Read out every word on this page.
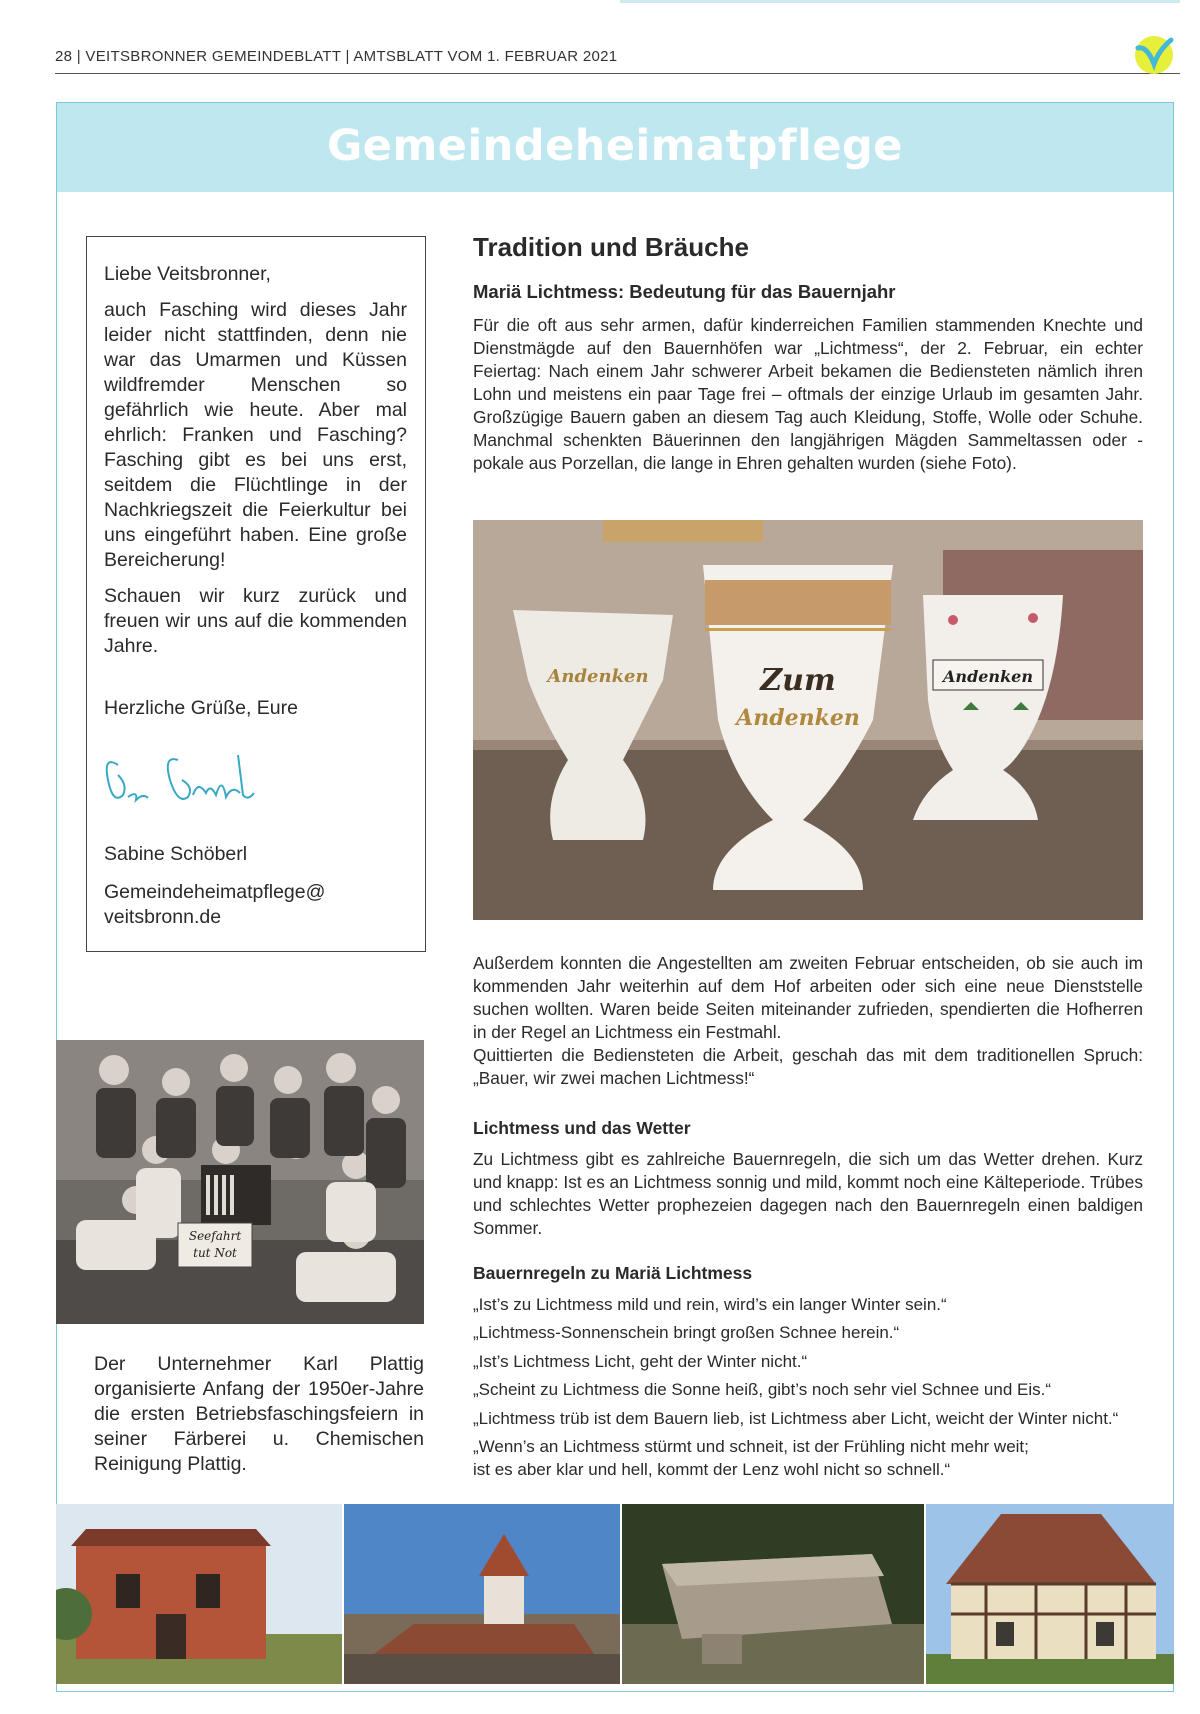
28 | VEITSBRONNER GEMEINDEBLATT | AMTSBLATT VOM 1. FEBRUAR 2021
Gemeindeheimatpflege
Liebe Veitsbronner,
auch Fasching wird dieses Jahr leider nicht stattfinden, denn nie war das Umarmen und Küssen wildfremder Menschen so gefährlich wie heute. Aber mal ehrlich: Franken und Fasching? Fasching gibt es bei uns erst, seitdem die Flüchtlinge in der Nachkriegszeit die Feierkultur bei uns eingeführt haben. Eine große Bereicherung!
Schauen wir kurz zurück und freuen wir uns auf die kommenden Jahre.
Herzliche Grüße, Eure
Sabine Schöberl
Gemeindeheimatpflege@
veitsbronn.de
Seefahrt
tut Not
Der Unternehmer Karl Plattig organisierte Anfang der 1950er-Jahre die ersten Betriebsfaschingsfeiern in seiner Färberei u. Chemischen Reinigung Plattig.
Tradition und Bräuche
Mariä Lichtmess: Bedeutung für das Bauernjahr
Für die oft aus sehr armen, dafür kinderreichen Familien stammenden Knechte und Dienstmägde auf den Bauernhöfen war „Lichtmess“, der 2. Februar, ein echter Feiertag: Nach einem Jahr schwerer Arbeit bekamen die Bediensteten nämlich ihren Lohn und meistens ein paar Tage frei – oftmals der einzige Urlaub im gesamten Jahr. Großzügige Bauern gaben an diesem Tag auch Kleidung, Stoffe, Wolle oder Schuhe. Manchmal schenkten Bäuerinnen den langjährigen Mägden Sammeltassen oder -pokale aus Porzellan, die lange in Ehren gehalten wurden (siehe Foto).
Andenken	Zum
Andenken
Andenken
Außerdem konnten die Angestellten am zweiten Februar entscheiden, ob sie auch im kommenden Jahr weiterhin auf dem Hof arbeiten oder sich eine neue Dienststelle suchen wollten. Waren beide Seiten miteinander zufrieden, spendierten die Hofherren in der Regel an Lichtmess ein Festmahl.
Quittierten die Bediensteten die Arbeit, geschah das mit dem traditionellen Spruch: „Bauer, wir zwei machen Lichtmess!“
Lichtmess und das Wetter
Zu Lichtmess gibt es zahlreiche Bauernregeln, die sich um das Wetter drehen. Kurz und knapp: Ist es an Lichtmess sonnig und mild, kommt noch eine Kälteperiode. Trübes und schlechtes Wetter prophezeien dagegen nach den Bauernregeln einen baldigen Sommer.
Bauernregeln zu Mariä Lichtmess
„Ist’s zu Lichtmess mild und rein, wird’s ein langer Winter sein.“
„Lichtmess-Sonnenschein bringt großen Schnee herein.“
„Ist’s Lichtmess Licht, geht der Winter nicht.“
„Scheint zu Lichtmess die Sonne heiß, gibt’s noch sehr viel Schnee und Eis.“
„Lichtmess trüb ist dem Bauern lieb, ist Lichtmess aber Licht, weicht der Winter nicht.“
„Wenn’s an Lichtmess stürmt und schneit, ist der Frühling nicht mehr weit;
ist es aber klar und hell, kommt der Lenz wohl nicht so schnell.“
